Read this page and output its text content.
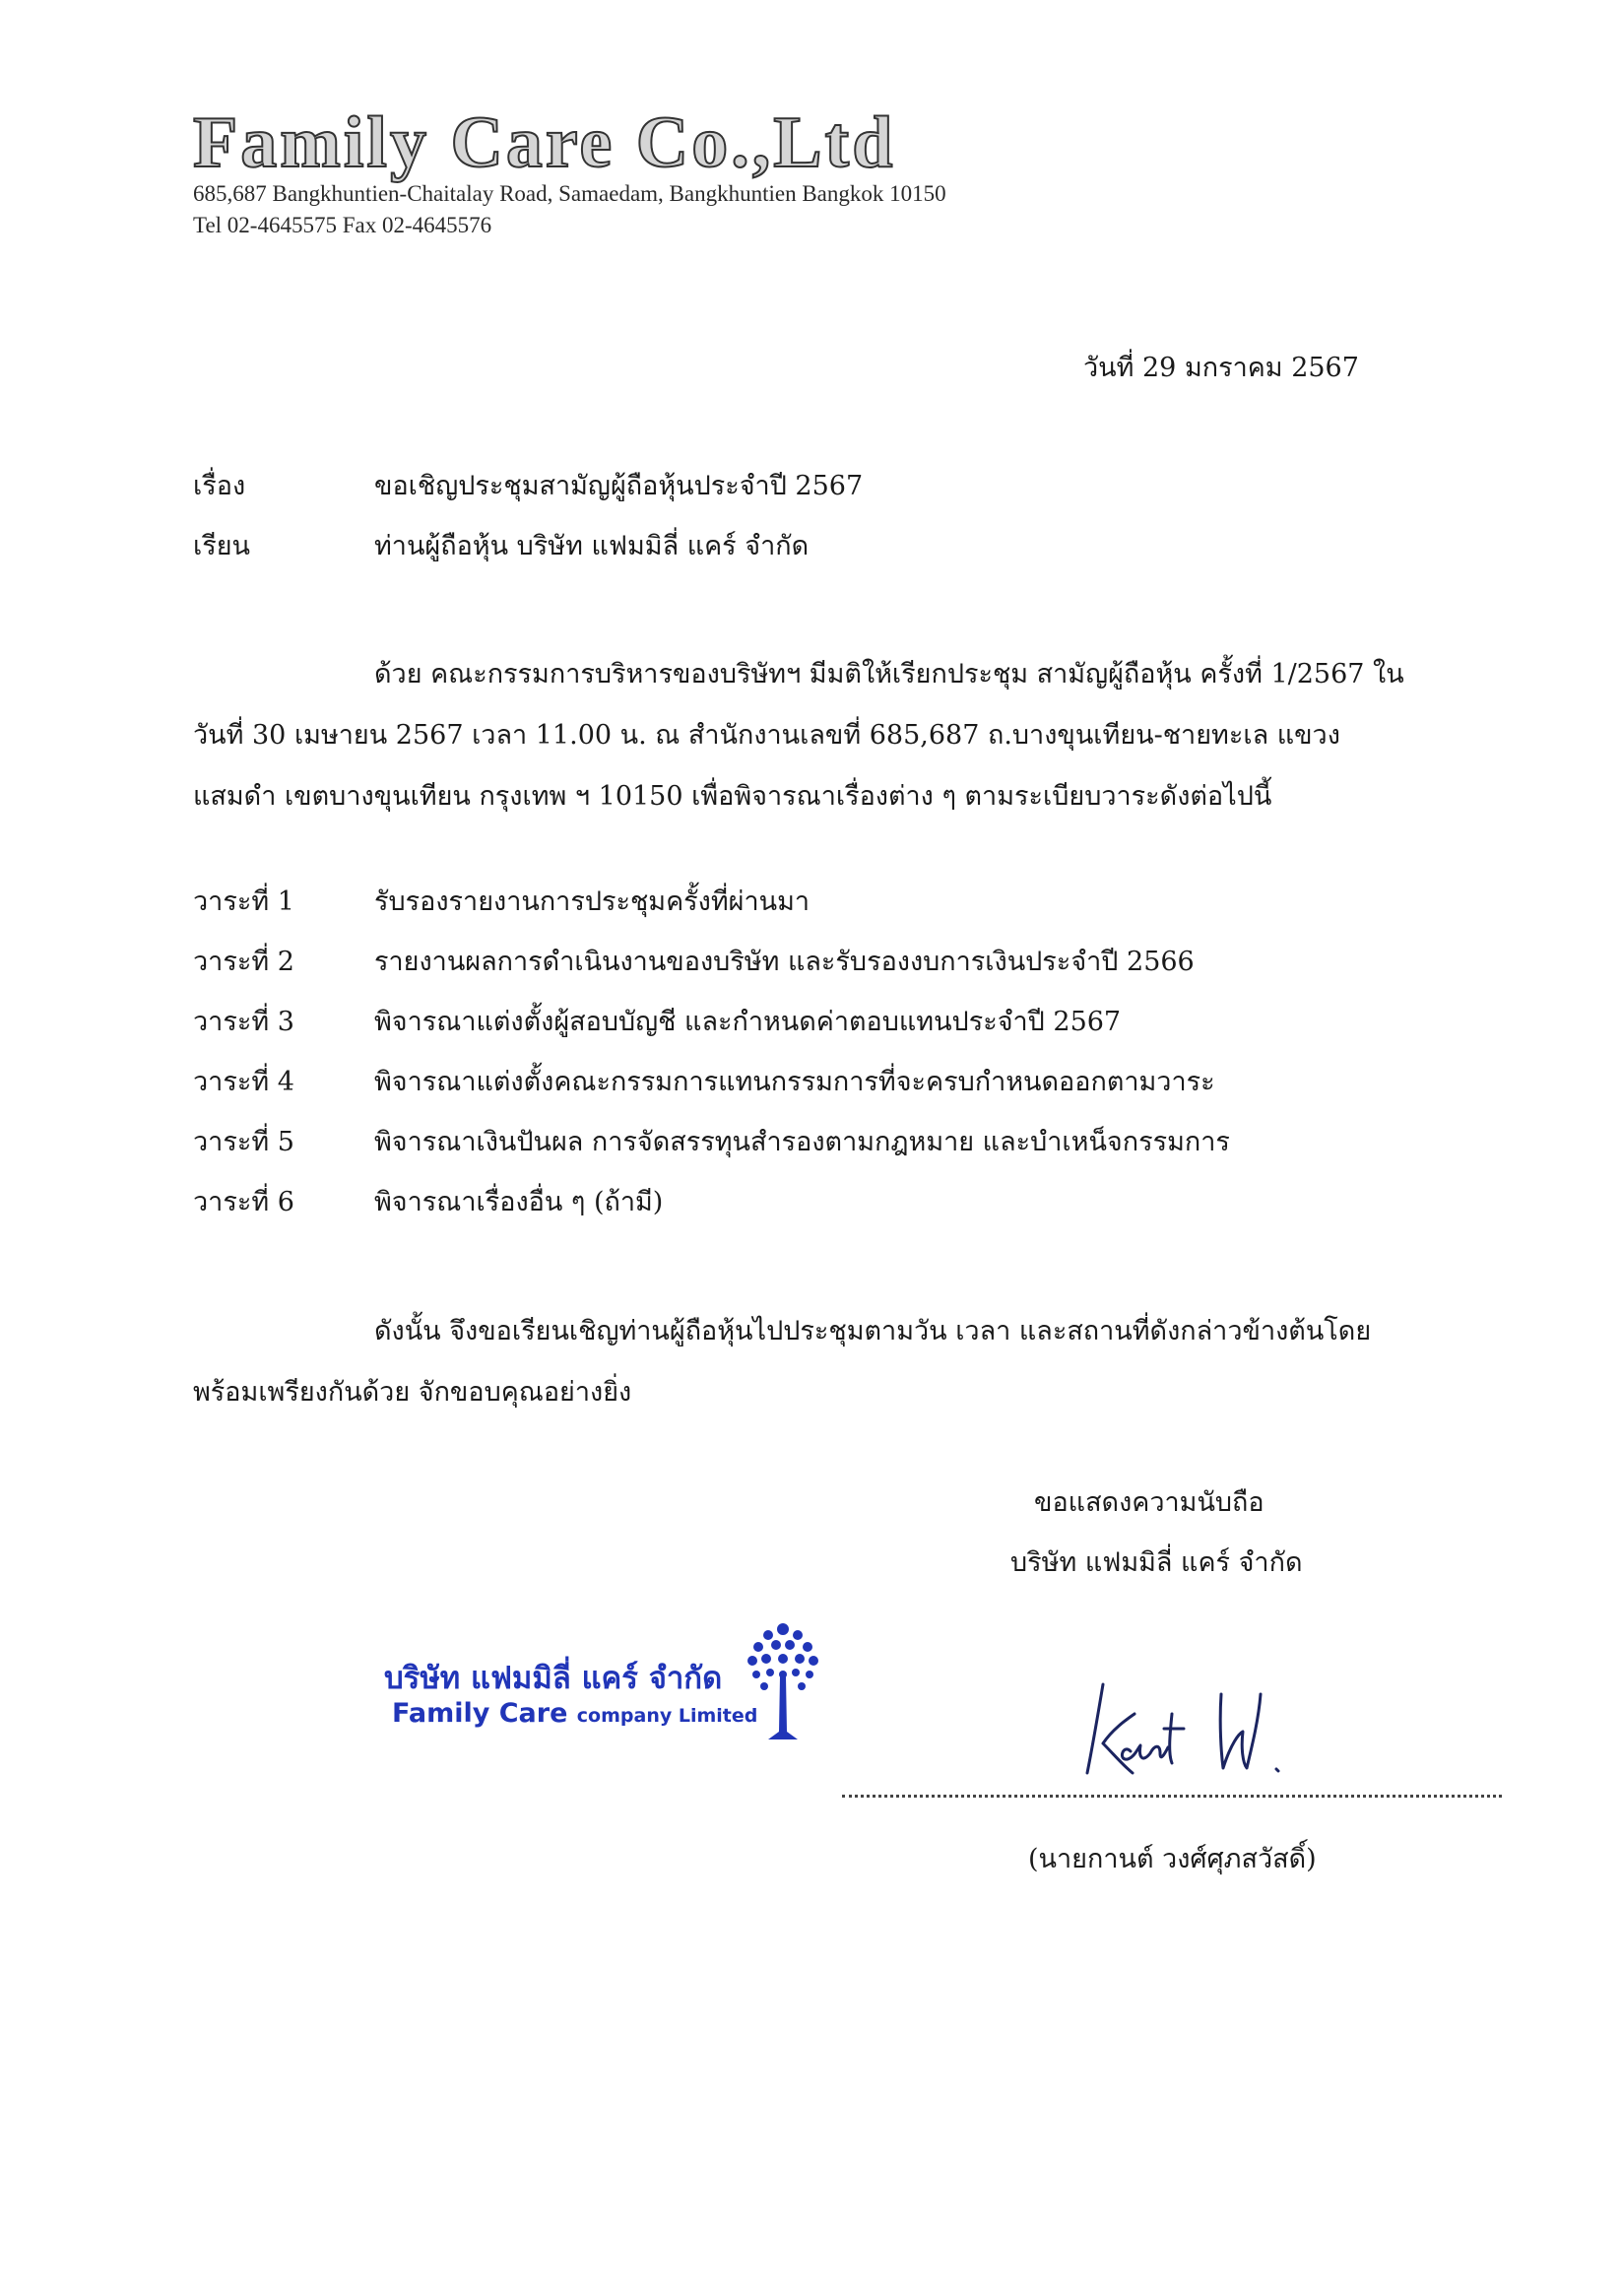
Family Care Co.,Ltd
685,687 Bangkhuntien-Chaitalay Road, Samaedam, Bangkhuntien Bangkok 10150
Tel 02-4645575 Fax 02-4645576
วันที่ 29 มกราคม 2567
เรื่อง	ขอเชิญประชุมสามัญผู้ถือหุ้นประจำปี 2567
เรียน	ท่านผู้ถือหุ้น บริษัท แฟมมิลี่ แคร์ จำกัด
ด้วย คณะกรรมการบริหารของบริษัทฯ มีมติให้เรียกประชุม สามัญผู้ถือหุ้น ครั้งที่ 1/2567 ในวันที่ 30 เมษายน 2567 เวลา 11.00 น. ณ สำนักงานเลขที่ 685,687 ถ.บางขุนเทียน-ชายทะเล แขวงแสมดำ เขตบางขุนเทียน กรุงเทพ ฯ 10150 เพื่อพิจารณาเรื่องต่าง ๆ ตามระเบียบวาระดังต่อไปนี้
วาระที่ 1	รับรองรายงานการประชุมครั้งที่ผ่านมา
วาระที่ 2	รายงานผลการดำเนินงานของบริษัท และรับรองงบการเงินประจำปี 2566
วาระที่ 3	พิจารณาแต่งตั้งผู้สอบบัญชี และกำหนดค่าตอบแทนประจำปี 2567
วาระที่ 4	พิจารณาแต่งตั้งคณะกรรมการแทนกรรมการที่จะครบกำหนดออกตามวาระ
วาระที่ 5	พิจารณาเงินปันผล การจัดสรรทุนสำรองตามกฎหมาย และบำเหน็จกรรมการ
วาระที่ 6	พิจารณาเรื่องอื่น ๆ (ถ้ามี)
ดังนั้น จึงขอเรียนเชิญท่านผู้ถือหุ้นไปประชุมตามวัน เวลา และสถานที่ดังกล่าวข้างต้นโดย พร้อมเพรียงกันด้วย จักขอบคุณอย่างยิ่ง
ขอแสดงความนับถือ
บริษัท แฟมมิลี่ แคร์ จำกัด
บริษัท แฟมมิลี่ แคร์ จำกัด
Family Care company Limited
(นายกานต์ วงศ์ศุภสวัสดิ์)
